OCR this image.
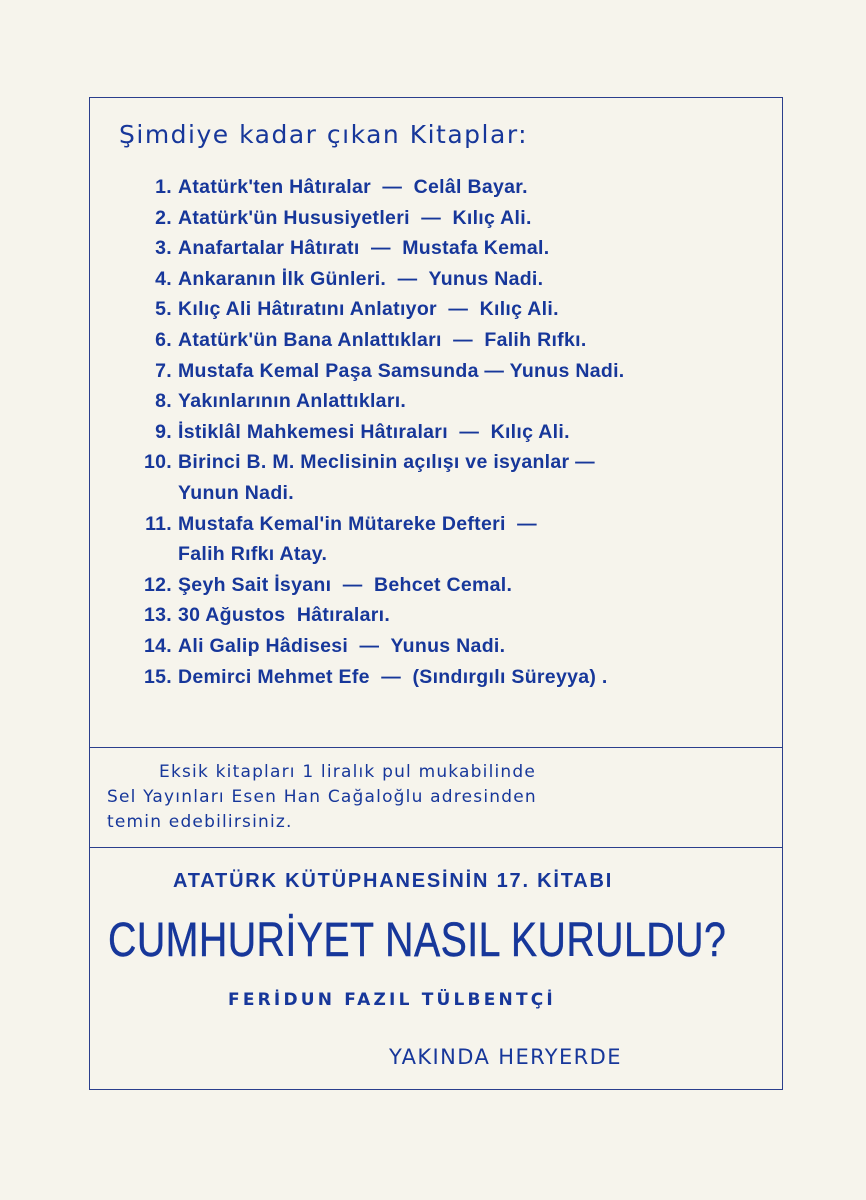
Şimdiye kadar çıkan Kitaplar:
1. Atatürk'ten Hâtıralar  —  Celâl Bayar.
2. Atatürk'ün Hususiyetleri  —  Kılıç Ali.
3. Anafartalar Hâtıratı  —  Mustafa Kemal.
4. Ankaranın İlk Günleri.  —  Yunus Nadi.
5. Kılıç Ali Hâtıratını Anlatıyor  —  Kılıç Ali.
6. Atatürk'ün Bana Anlattıkları  —  Falih Rıfkı.
7. Mustafa Kemal Paşa Samsunda — Yunus Nadi.
8. Yakınlarının Anlattıkları.
9. İstiklâl Mahkemesi Hâtıraları  —  Kılıç Ali.
10. Birinci B. M. Meclisinin açılışı ve isyanlar —
Yunun Nadi.
11. Mustafa Kemal'in Mütareke Defteri  —
Falih Rıfkı Atay.
12. Şeyh Sait İsyanı  —  Behcet Cemal.
13. 30 Ağustos  Hâtıraları.
14. Ali Galip Hâdisesi  —  Yunus Nadi.
15. Demirci Mehmet Efe  —  (Sındırgılı Süreyya) .
Eksik kitapları 1 liralık pul mukabilinde
Sel Yayınları Esen Han Cağaloğlu adresinden
temin edebilirsiniz.
ATATÜRK KÜTÜPHANESİNİN 17. KİTABI
CUMHURİYET NASIL KURULDU?
FERİDUN FAZIL TÜLBENTÇİ
YAKINDA HERYERDE
